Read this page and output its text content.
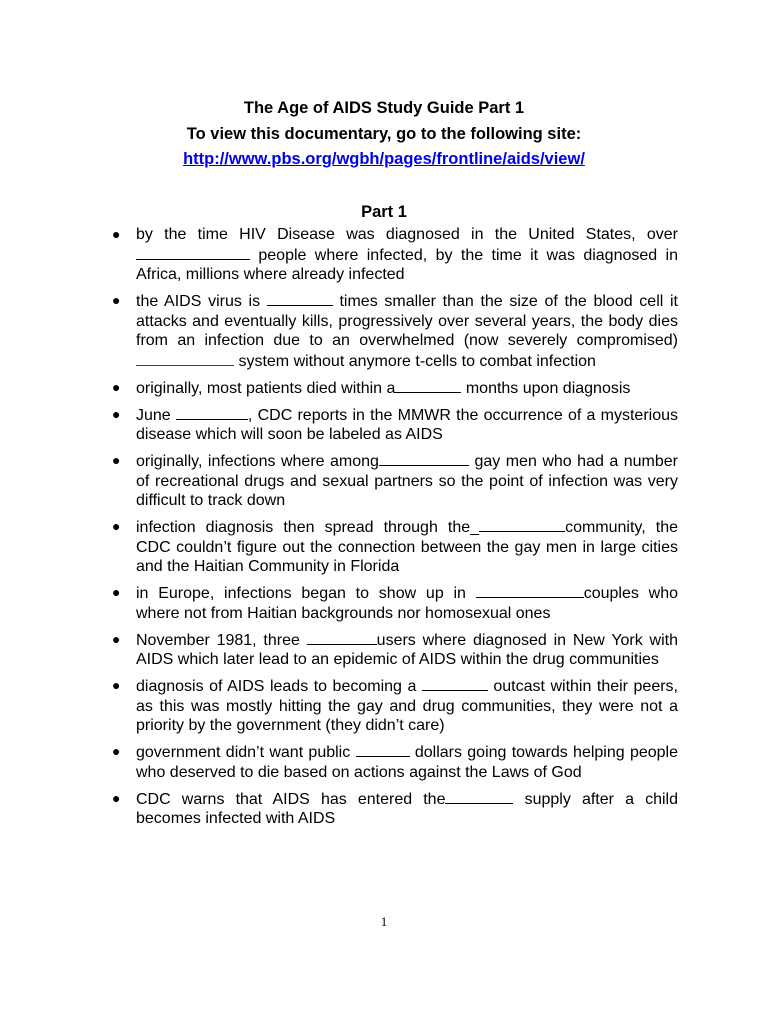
The Age of AIDS Study Guide Part 1
To view this documentary, go to the following site:
http://www.pbs.org/wgbh/pages/frontline/aids/view/
Part 1
● by the time HIV Disease was diagnosed in the United States, over  people where infected, by the time it was diagnosed in Africa, millions where already infected
● the AIDS virus is	times smaller than the size of the blood cell it attacks and eventually kills, progressively over several years, the body dies from an infection due to an overwhelmed (now severely compromised)  system without anymore t-cells to combat infection
● originally, most patients died within a	months upon diagnosis
● June	, CDC reports in the MMWR the occurrence of a mysterious disease which will soon be labeled as AIDS
● originally, infections where among	gay men who had a number of recreational drugs and sexual partners so the point of infection was very difficult to track down
● infection diagnosis then spread through the_	community, the CDC couldn’t figure out the connection between the gay men in large cities and the Haitian Community in Florida
● in Europe, infections began to show up in	couples who where not from Haitian backgrounds nor homosexual ones
● November 1981, three	users where diagnosed in New York with AIDS which later lead to an epidemic of AIDS within the drug communities
● diagnosis of AIDS leads to becoming a	outcast within their peers, as this was mostly hitting the gay and drug communities, they were not a priority by the government (they didn’t care)
● government didn’t want public	dollars going towards helping people who deserved to die based on actions against the Laws of God
● CDC warns that AIDS has entered the	supply after a child becomes infected with AIDS
1
